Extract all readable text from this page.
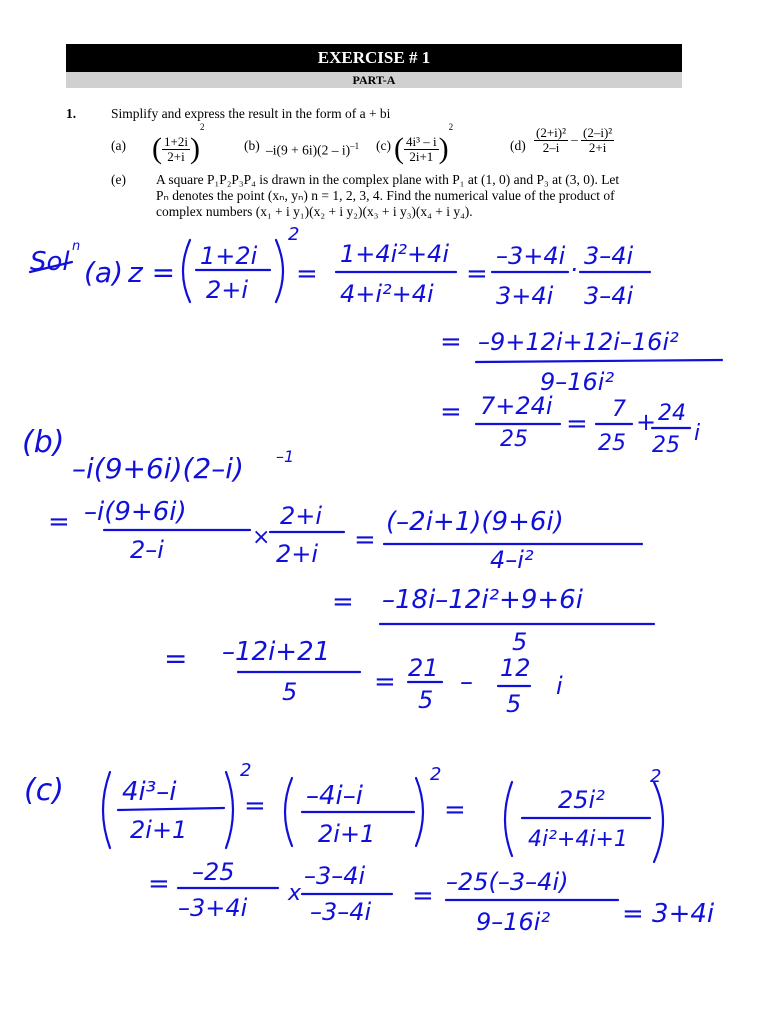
EXERCISE # 1
PART-A
1.	Simplify and express the result in the form of a + bi
(a) ( $\frac{1+2i}{2+i} )^2$
(b) –i(9 + 6i)(2 – i)$^{-1}$ (c) ( $\frac{\text{4i³ – i}}{2i+1} )^2$
$(d) \frac{\text{(2+i)²}}{2-i} - \frac{\text{(2–i)²}}{2+i}$
(e) A square P₁P₂P₃P₄ is drawn in the complex plane with P₁ at (1, 0) and P₃ at (3, 0). Let
Pₙ denotes the point (xₙ, yₙ) n = 1, 2, 3, 4. Find the numerical value of the product of
complex numbers (x₁ + i y₁)(x₂ + i y₂)(x₃ + i y₃)(x₄ + i y₄).
Sol
n
(a) z = 1+2i
2+i
2
=
1+4i²+4i
4+i²+4i
=
–3+4i
3+4i
· 3–4i
3–4i
= –9+12i+12i–16i²
9–16i²
= 7+24i
25
= 7
25
+ 24
25 i
(b)
–i(9+6i)(2–i) –1
= –i(9+6i)
2–i	×
2+i
2+i =
(–2i+1)(9+6i)
4–i²
= –18i–12i²+9+6i
5
= –12i+21
5	= 21
5
– 12
5
i
(c) 4i³–i
2i+1
2
= –4i–i
2i+1
2
=	25i²
4i²+4i+1
2
= –25
–3+4i
x
–3–4i
–3–4i
= –25(–3–4i)
9–16i²	= 3+4i
